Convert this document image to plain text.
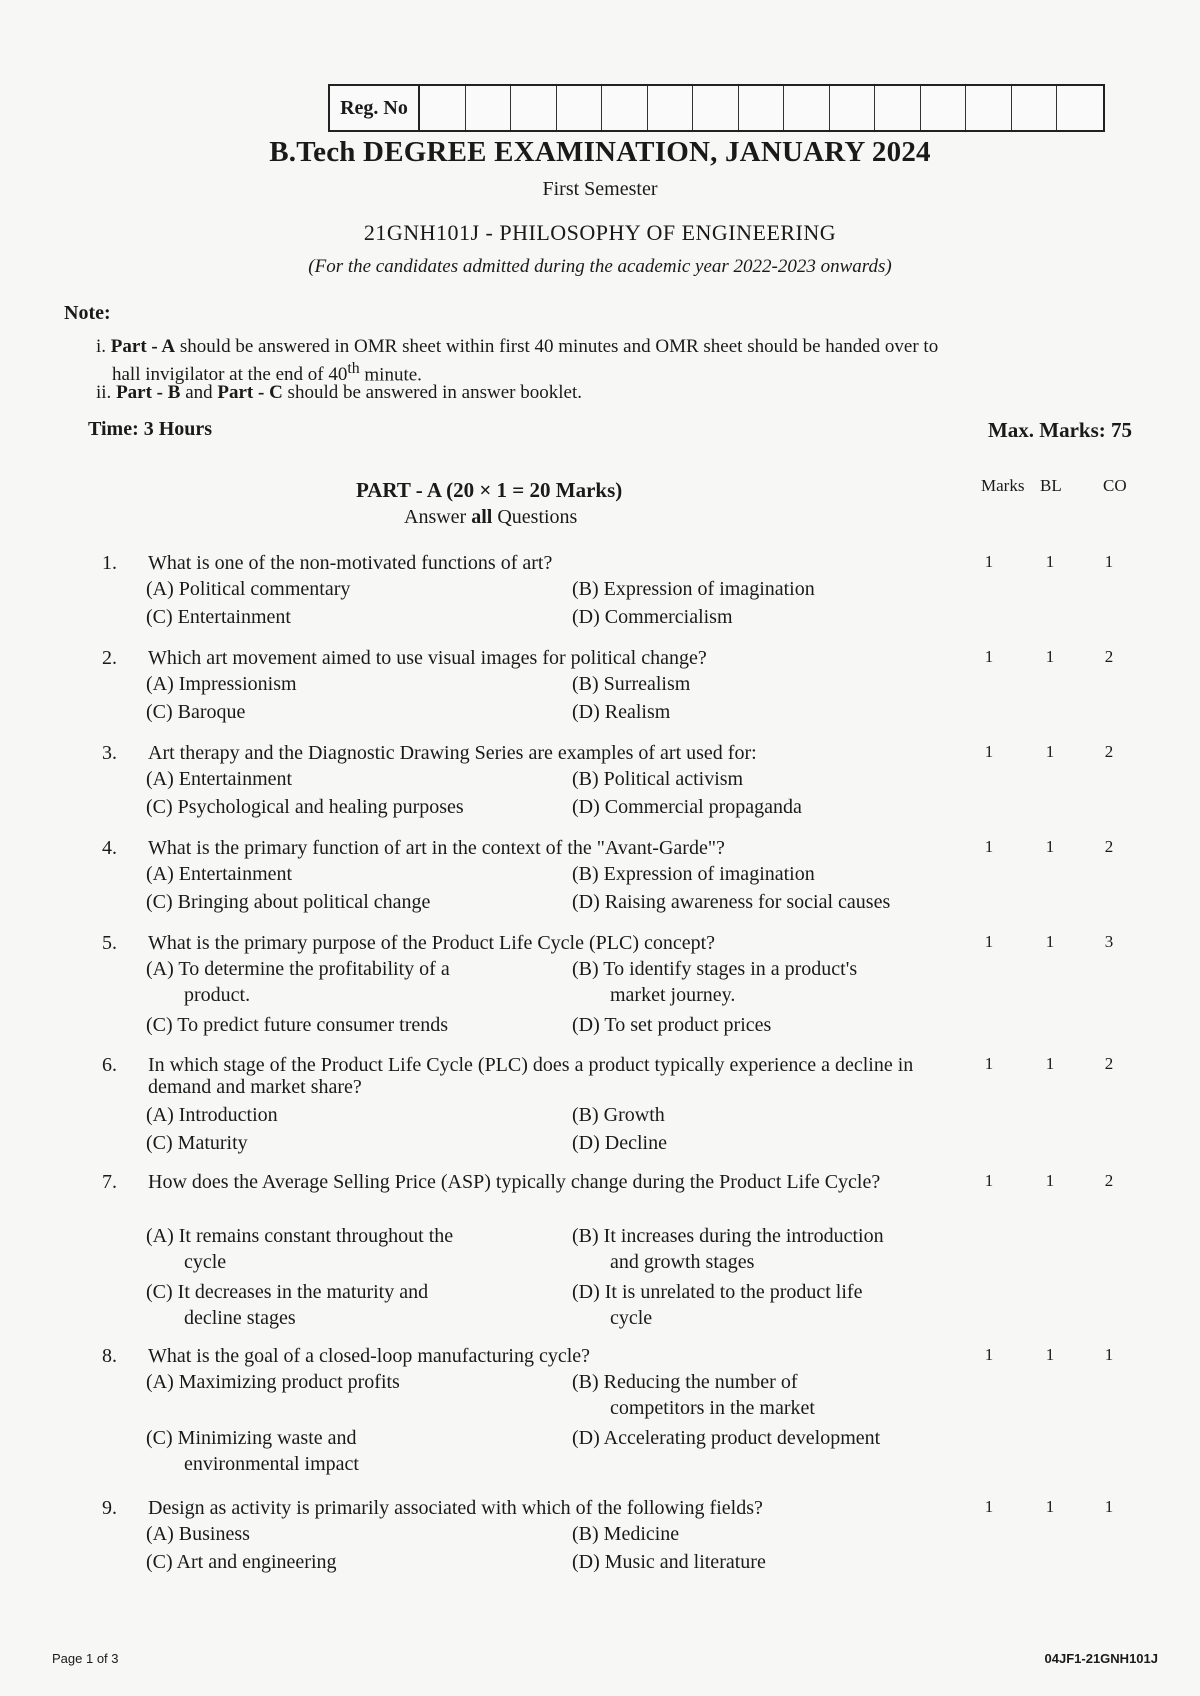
Reg. No
B.Tech DEGREE EXAMINATION, JANUARY 2024
First Semester
21GNH101J - PHILOSOPHY OF ENGINEERING
(For the candidates admitted during the academic year 2022-2023 onwards)
Note:
i. Part - A should be answered in OMR sheet within first 40 minutes and OMR sheet should be handed over to
hall invigilator at the end of 40th minute.
ii. Part - B and Part - C should be answered in answer booklet.
Time: 3 Hours	Max. Marks: 75
PART - A (20 × 1 = 20 Marks)
Answer all Questions
Marks BL CO
1. What is one of the non-motivated functions of art?	1	1	1
(A) Political commentary	(B) Expression of imagination
(C) Entertainment	(D) Commercialism
2. Which art movement aimed to use visual images for political change?	1	1	2
(A) Impressionism	(B) Surrealism
(C) Baroque	(D) Realism
3. Art therapy and the Diagnostic Drawing Series are examples of art used for:	1	1	2
(A) Entertainment	(B) Political activism
(C) Psychological and healing purposes	(D) Commercial propaganda
4. What is the primary function of art in the context of the "Avant-Garde"?	1	1	2
(A) Entertainment	(B) Expression of imagination
(C) Bringing about political change	(D) Raising awareness for social causes
5. What is the primary purpose of the Product Life Cycle (PLC) concept?	1	1	3
(A) To determine the profitability of a
product.
(B) To identify stages in a product's
market journey.
(C) To predict future consumer trends	(D) To set product prices
6. In which stage of the Product Life Cycle (PLC) does a product typically experience a decline in demand and market share?
1	1	2
(A) Introduction	(B) Growth
(C) Maturity	(D) Decline
7. How does the Average Selling Price (ASP) typically change during the Product Life Cycle?	1	1	2
(A) It remains constant throughout the
cycle
(B) It increases during the introduction
and growth stages
(C) It decreases in the maturity and
decline stages
(D) It is unrelated to the product life
cycle
8. What is the goal of a closed-loop manufacturing cycle?	1	1	1
(A) Maximizing product profits	(B) Reducing the number of
competitors in the market
(C) Minimizing waste and
environmental impact
(D) Accelerating product development
9. Design as activity is primarily associated with which of the following fields?	1	1	1
(A) Business	(B) Medicine
(C) Art and engineering	(D) Music and literature
Page 1 of 3	04JF1-21GNH101J
